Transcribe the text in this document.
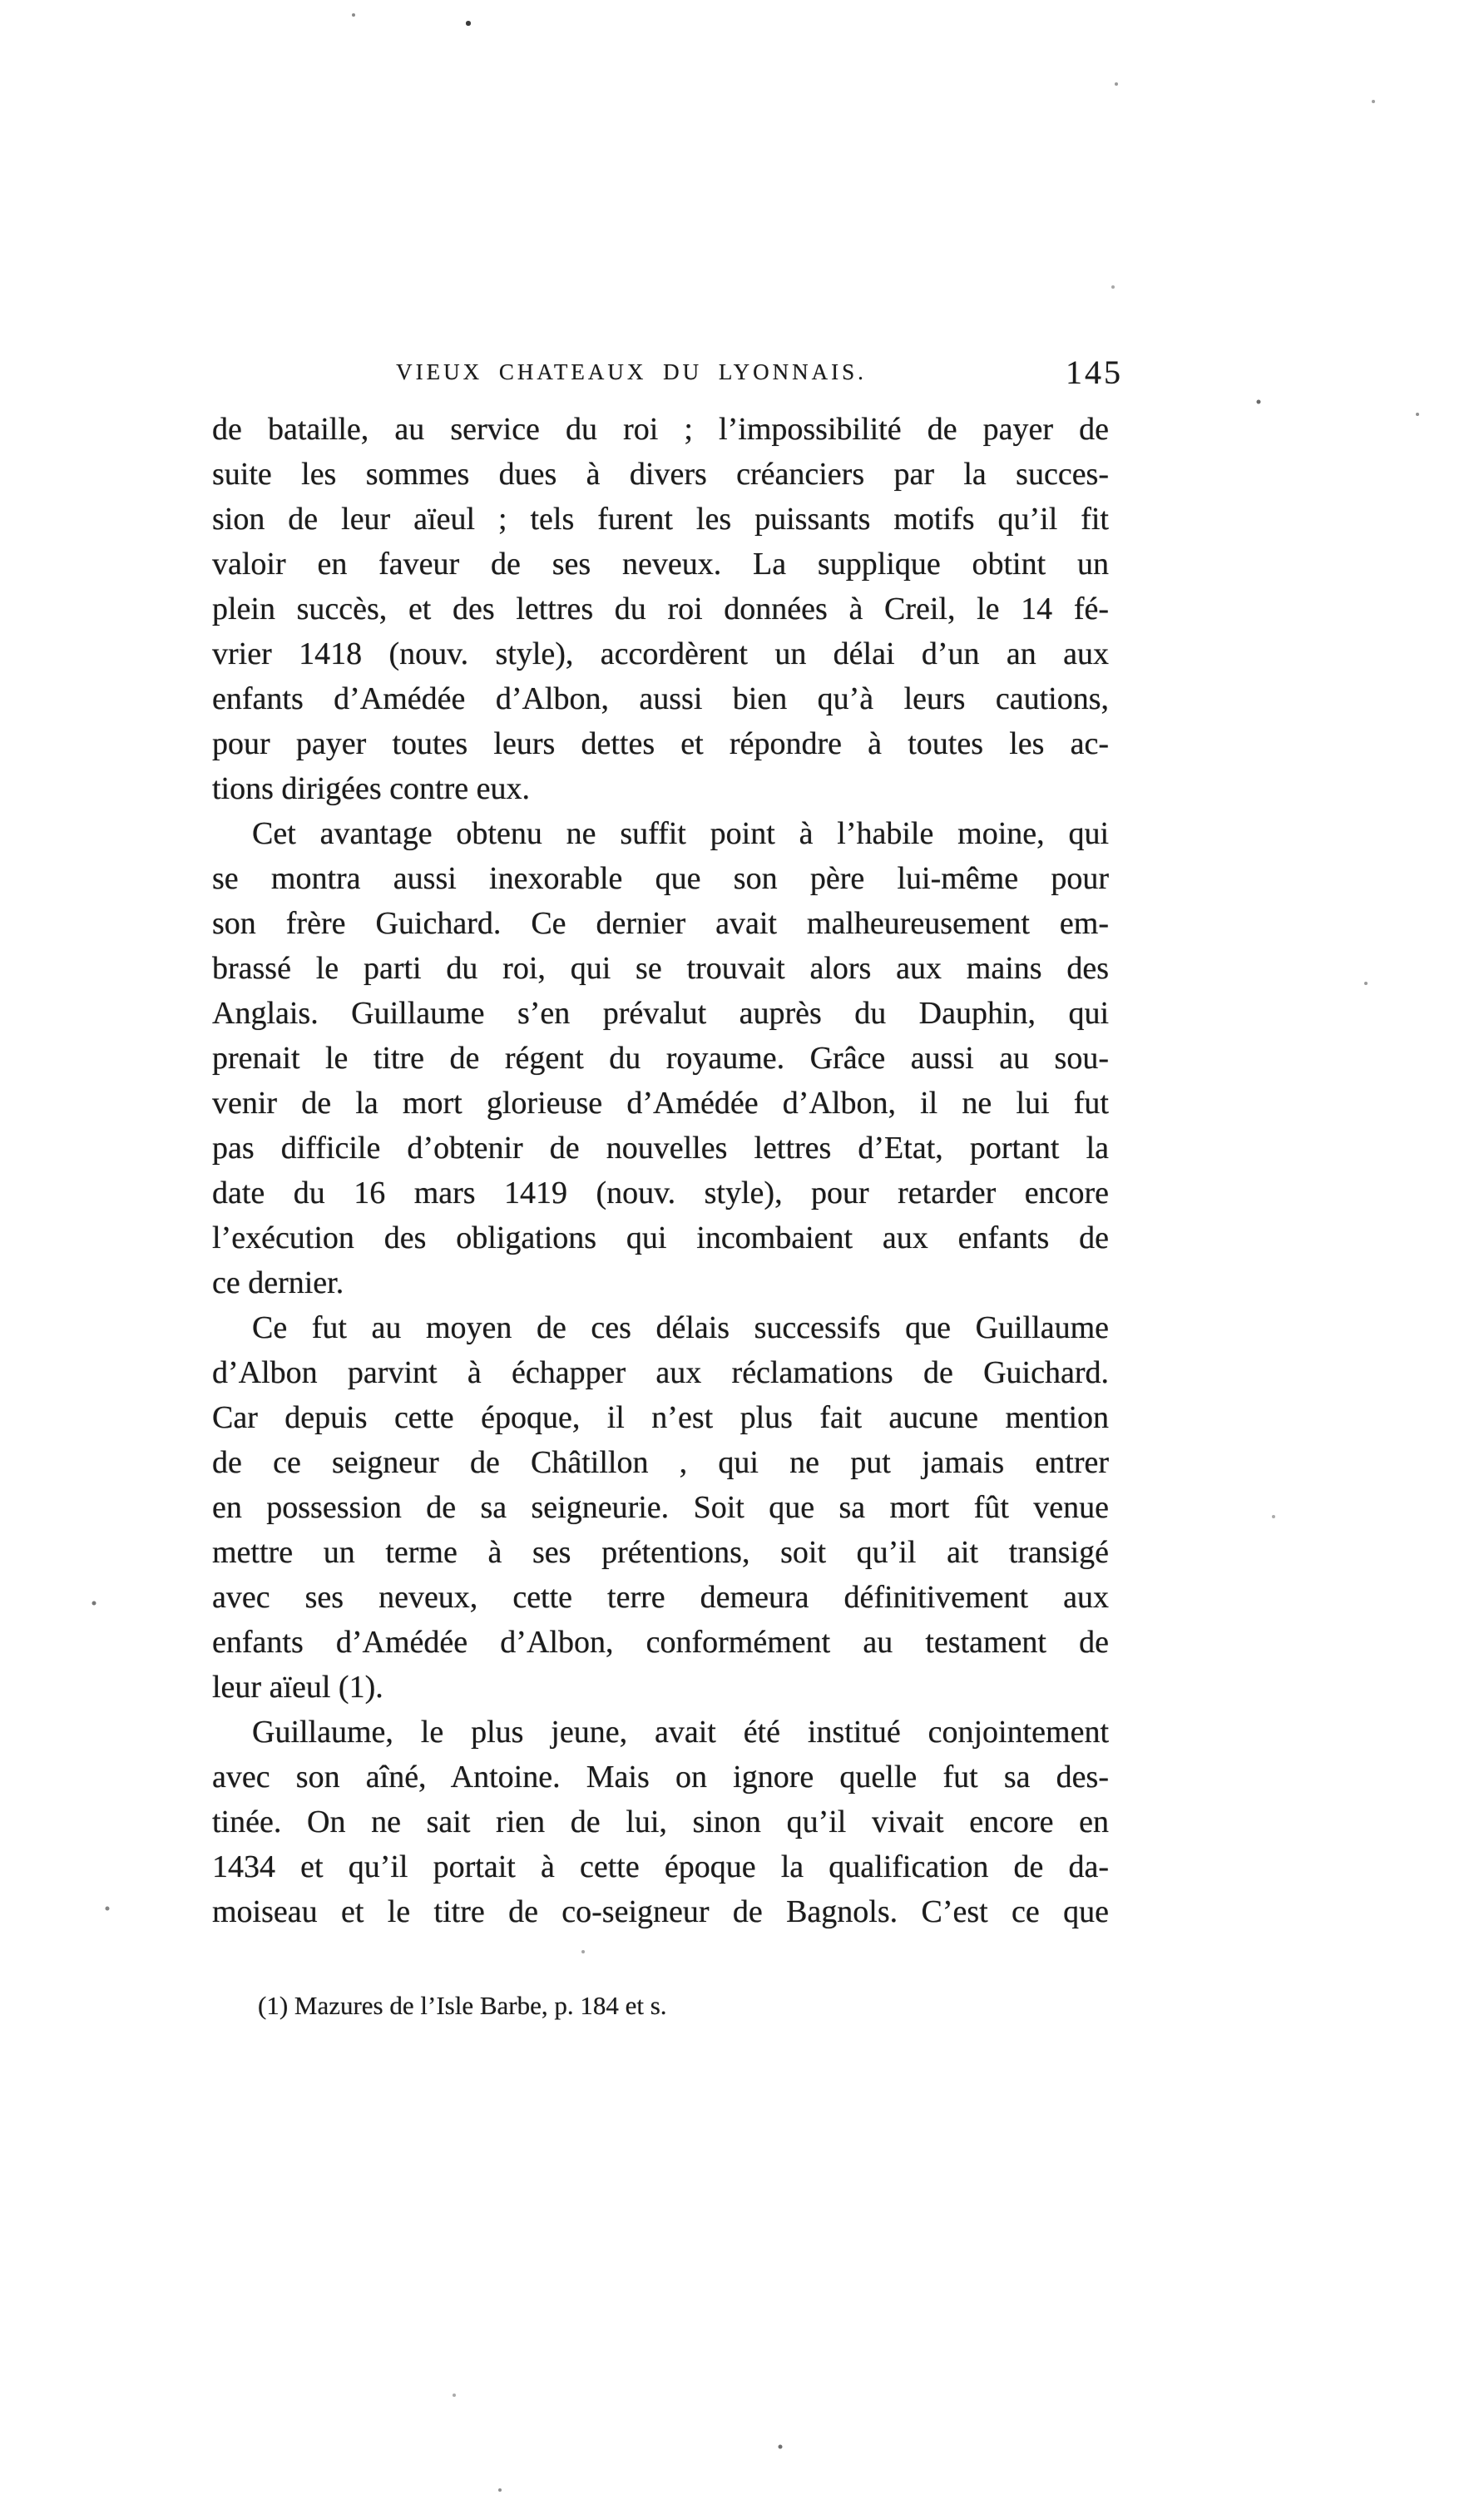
VIEUX CHATEAUX DU LYONNAIS.	145
de bataille, au service du roi ; l’impossibilité de payer de
suite les sommes dues à divers créanciers par la succes-
sion de leur aïeul ; tels furent les puissants motifs qu’il fit
valoir en faveur de ses neveux. La supplique obtint un
plein succès, et des lettres du roi données à Creil, le 14 fé-
vrier 1418 (nouv. style), accordèrent un délai d’un an aux
enfants d’Amédée d’Albon, aussi bien qu’à leurs cautions,
pour payer toutes leurs dettes et répondre à toutes les ac-
tions dirigées contre eux.
Cet avantage obtenu ne suffit point à l’habile moine, qui
se montra aussi inexorable que son père lui-même pour
son frère Guichard. Ce dernier avait malheureusement em-
brassé le parti du roi, qui se trouvait alors aux mains des
Anglais. Guillaume s’en prévalut auprès du Dauphin, qui
prenait le titre de régent du royaume. Grâce aussi au sou-
venir de la mort glorieuse d’Amédée d’Albon, il ne lui fut
pas difficile d’obtenir de nouvelles lettres d’Etat, portant la
date du 16 mars 1419 (nouv. style), pour retarder encore
l’exécution des obligations qui incombaient aux enfants de
ce dernier.
Ce fut au moyen de ces délais successifs que Guillaume
d’Albon parvint à échapper aux réclamations de Guichard.
Car depuis cette époque, il n’est plus fait aucune mention
de ce seigneur de Châtillon , qui ne put jamais entrer
en possession de sa seigneurie. Soit que sa mort fût venue
mettre un terme à ses prétentions, soit qu’il ait transigé
avec ses neveux, cette terre demeura définitivement aux
enfants d’Amédée d’Albon, conformément au testament de
leur aïeul (1).
Guillaume, le plus jeune, avait été institué conjointement
avec son aîné, Antoine. Mais on ignore quelle fut sa des-
tinée. On ne sait rien de lui, sinon qu’il vivait encore en
1434 et qu’il portait à cette époque la qualification de da-
moiseau et le titre de co-seigneur de Bagnols. C’est ce que
(1) Mazures de l’Isle Barbe, p. 184 et s.
